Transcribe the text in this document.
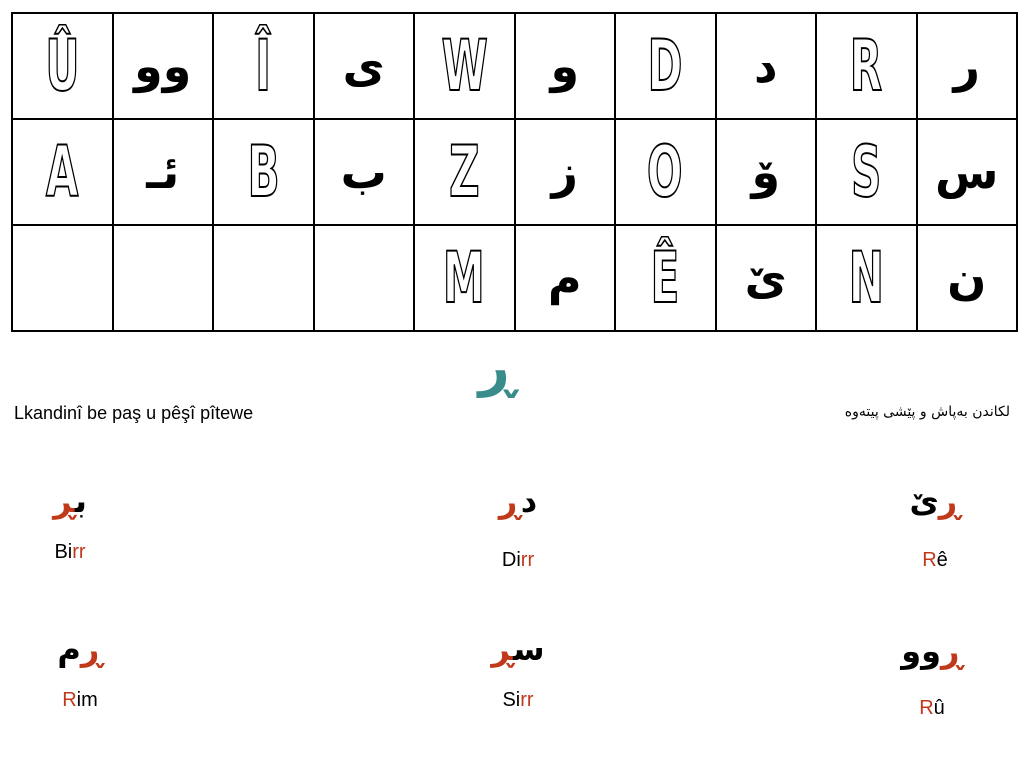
Û	وو	Î	ی	W	و	D	د	R	ر
A	ئـ	B	ب	Z	ز	O	ۆ	S	س
				M	م	Ê	ێ	N	ن
ڕ
Lkandinî be paş u pêşî pîtewe	لکاندن بەپاش و پێشی پیتەوە
بڕ
Birr
دڕ
Dirr
ڕێ
Rê
ڕم
Rim
سڕ
Sirr
ڕوو
Rû
